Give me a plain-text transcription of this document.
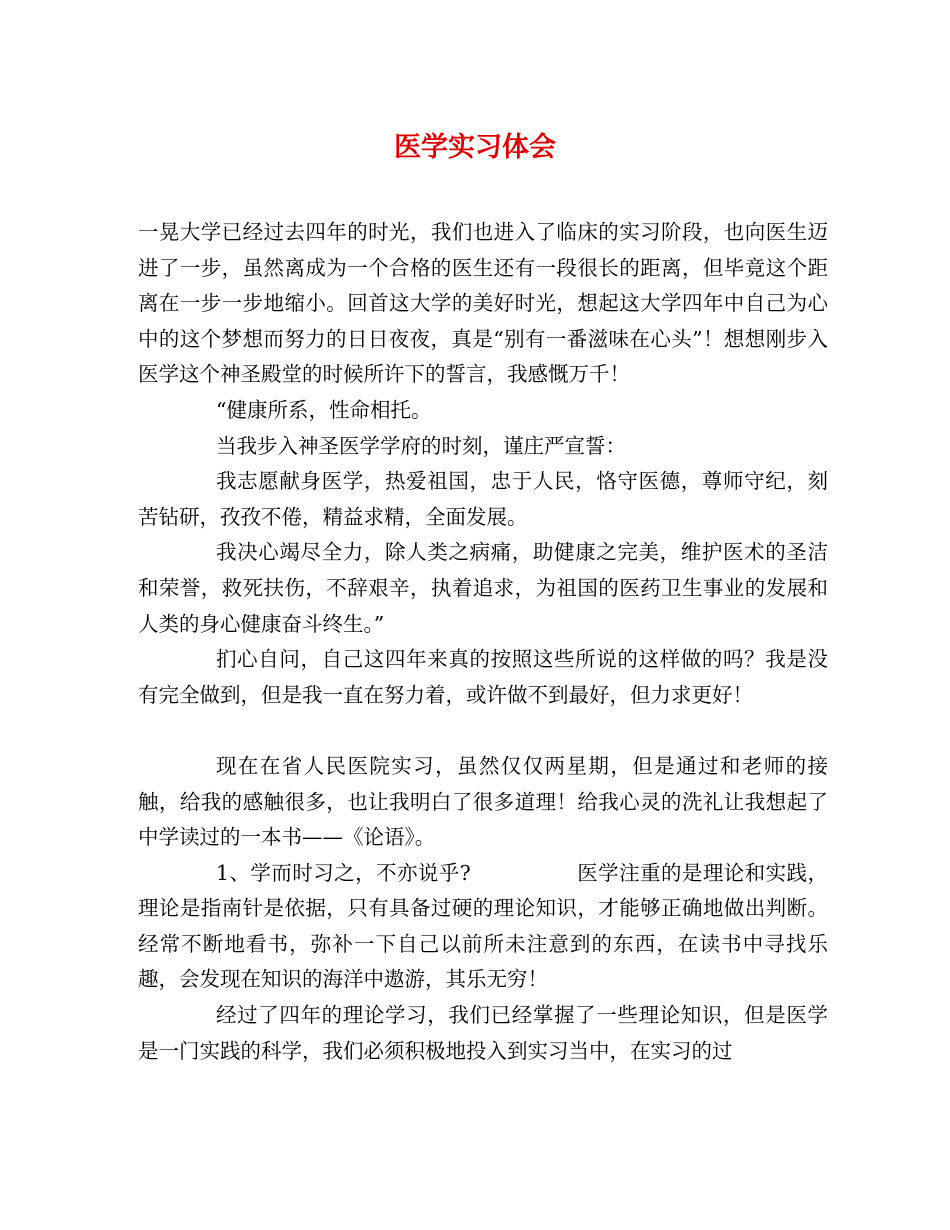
医学实习体会

一晃大学已经过去四年的时光，我们也进入了临床的实习阶段，也向医生迈进了一步，虽然离成为一个合格的医生还有一段很长的距离，但毕竟这个距离在一步一步地缩小。回首这大学的美好时光，想起这大学四年中自己为心中的这个梦想而努力的日日夜夜，真是“别有一番滋味在心头”！想想刚步入医学这个神圣殿堂的时候所许下的誓言，我感慨万千！

“健康所系，性命相托。

当我步入神圣医学学府的时刻，谨庄严宣誓：

我志愿献身医学，热爱祖国，忠于人民，恪守医德，尊师守纪，刻苦钻研，孜孜不倦，精益求精，全面发展。

我决心竭尽全力，除人类之病痛，助健康之完美，维护医术的圣洁和荣誉，救死扶伤，不辞艰辛，执着追求，为祖国的医药卫生事业的发展和人类的身心健康奋斗终生。”

扪心自问，自己这四年来真的按照这些所说的这样做的吗？我是没有完全做到，但是我一直在努力着，或许做不到最好，但力求更好！

现在在省人民医院实习，虽然仅仅两星期，但是通过和老师的接触，给我的感触很多，也让我明白了很多道理！给我心灵的洗礼让我想起了中学读过的一本书——《论语》。

1、学而时习之，不亦说乎?	医学注重的是理论和实践，理论是指南针是依据，只有具备过硬的理论知识，才能够正确地做出判断。经常不断地看书，弥补一下自己以前所未注意到的东西，在读书中寻找乐趣，会发现在知识的海洋中遨游，其乐无穷！

经过了四年的理论学习，我们已经掌握了一些理论知识，但是医学是一门实践的科学，我们必须积极地投入到实习当中，在实习的过
